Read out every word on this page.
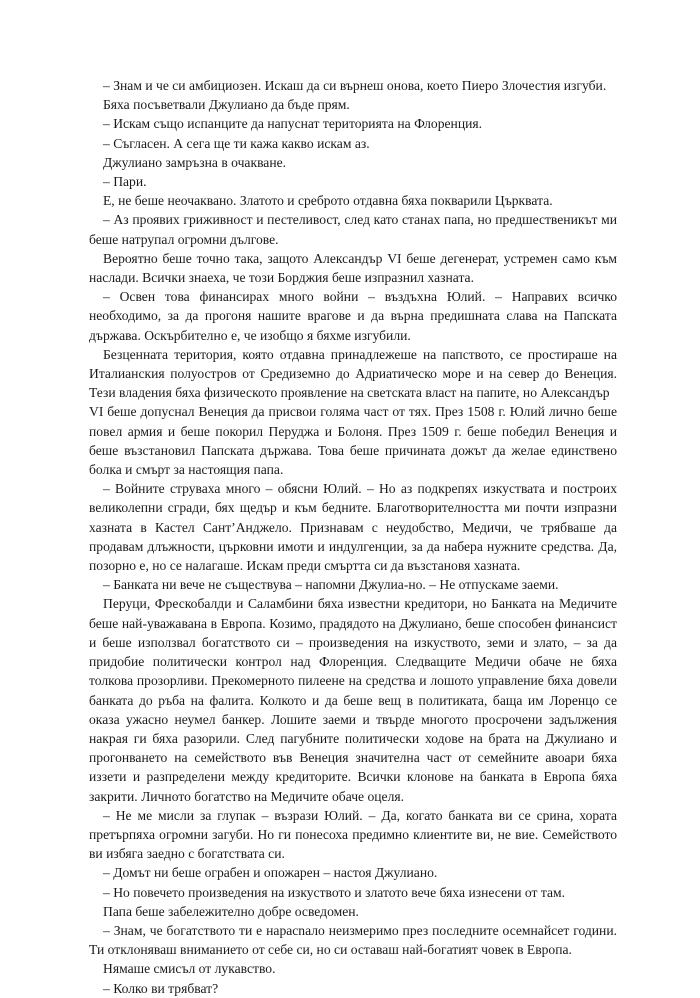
– Знам и че си амбициозен. Искаш да си върнеш онова, което Пиеро Злочестия изгуби.

Бяха посъветвали Джулиано да бъде прям.

– Искам също испанците да напуснат територията на Флоренция.

– Съгласен. А сега ще ти кажа какво искам аз.

Джулиано замръзна в очакване.

– Пари.

Е, не беше неочаквано. Златото и среброто отдавна бяха покварили Църквата.

– Аз проявих гриживност и пестеливост, след като станах папа, но предшественикът ми беше натрупал огромни дългове.

Вероятно беше точно така, защото Александър VI беше дегенерат, устремен само към наслади. Всички знаеха, че този Борджия беше изпразнил хазната.

– Освен това финансирах много войни – въздъхна Юлий. – Направих всичко необходимо, за да прогоня нашите врагове и да върна предишната слава на Папската държава. Оскърбително е, че изобщо я бяхме изгубили.

Безценната територия, която отдавна принадлежеше на папството, се простираше на Италианския полуостров от Средиземно до Адриатическо море и на север до Венеция. Тези владения бяха физическото проявление на светската власт на папите, но Александър

VI беше допуснал Венеция да присвои голяма част от тях. През 1508 г. Юлий лично беше повел армия и беше покорил Перуджа и Болоня. През 1509 г. беше победил Венеция и беше възстановил Папската държава. Това беше причината дожът да желае единствено болка и смърт за настоящия папа.

– Войните струваха много – обясни Юлий. – Но аз подкрепях изкуствата и построих великолепни сгради, бях щедър и към бедните. Благотворителността ми почти изпразни хазната в Кастел Сант’Анджело. Признавам с неудобство, Медичи, че трябваше да продавам длъжности, църковни имоти и индулгенции, за да набера нужните средства. Да, позорно е, но се налагаше. Искам преди смъртта си да възстановя хазната.

– Банката ни вече не съществува – напомни Джулиа-но. – Не отпускаме заеми.

Перуци, Фрескобалди и Саламбини бяха известни кредитори, но Банката на Медичите беше най-уважавана в Европа. Козимо, прадядото на Джулиано, беше способен финансист и беше използвал богатството си – произведения на изкуството, земи и злато, – за да придобие политически контрол над Флоренция. Следващите Медичи обаче не бяха толкова прозорливи. Прекомерното пилеене на средства и лошото управление бяха довели банката до ръба на фалита. Колкото и да беше вещ в политиката, баща им Лоренцо се оказа ужасно неумел банкер. Лошите заеми и твърде многото просрочени задължения накрая ги бяха разорили. След пагубните политически ходове на брата на Джулиано и прогонването на семейството във Венеция значителна част от семейните авоари бяха иззети и разпределени между кредиторите. Всички клонове на банката в Европа бяха закрити. Личното богатство на Медичите обаче оцеля.

– Не ме мисли за глупак – възрази Юлий. – Да, когато банката ви се срина, хората претърпяха огромни загуби. Но ги понесоха предимно клиентите ви, не вие. Семейството ви избяга заедно с богатствата си.

– Домът ни беше ограбен и опожарен – настоя Джулиано.

– Но повечето произведения на изкуството и златото вече бяха изнесени от там.

Папа беше забележително добре осведомен.

– Знам, че богатството ти е нарасnало неизмеримо през последните осемнайсет години. Ти отклоняваш вниманието от себе си, но си оставаш най-богатият човек в Европа.

Нямаше смисъл от лукавство.

– Колко ви трябват?
